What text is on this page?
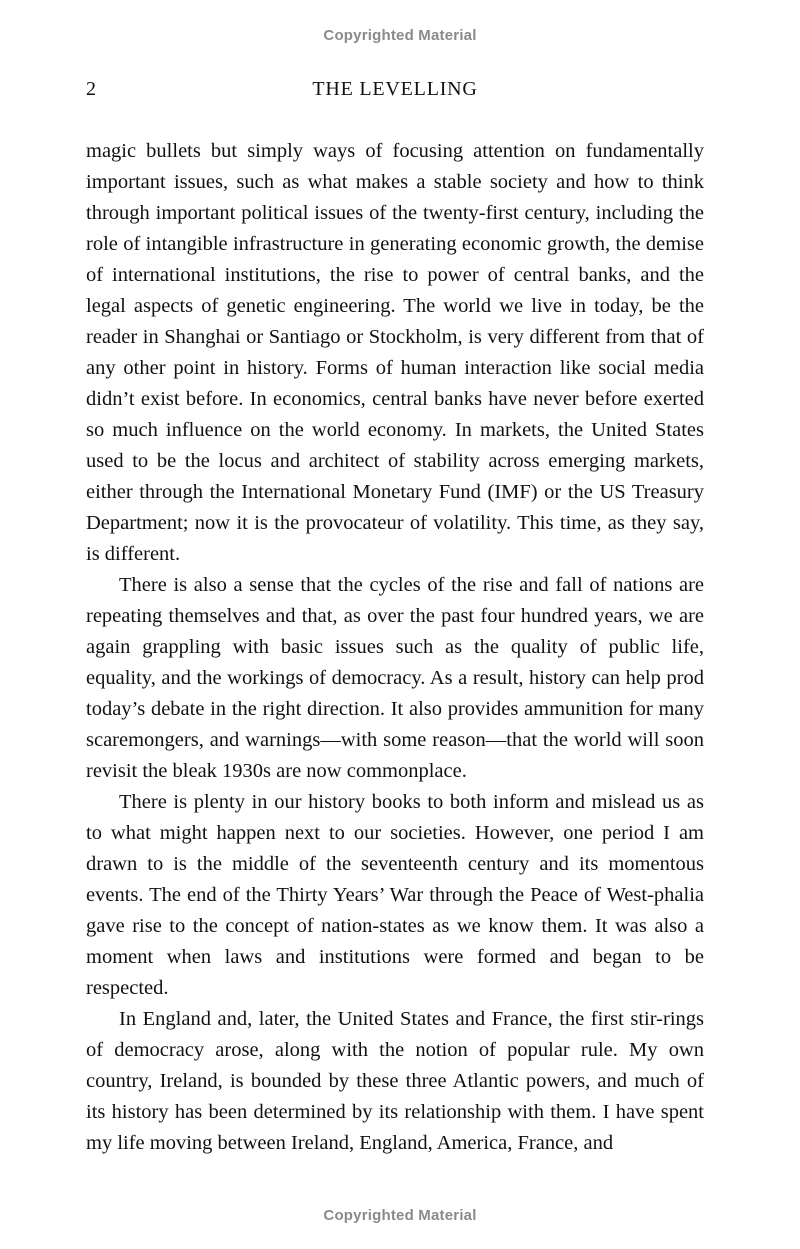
Copyrighted Material
2	THE LEVELLING

magic bullets but simply ways of focusing attention on fundamentally important issues, such as what makes a stable society and how to think through important political issues of the twenty-first century, including the role of intangible infrastructure in generating economic growth, the demise of international institutions, the rise to power of central banks, and the legal aspects of genetic engineering. The world we live in today, be the reader in Shanghai or Santiago or Stockholm, is very different from that of any other point in history. Forms of human interaction like social media didn’t exist before. In economics, central banks have never before exerted so much influence on the world economy. In markets, the United States used to be the locus and architect of stability across emerging markets, either through the International Monetary Fund (IMF) or the US Treasury Department; now it is the provocateur of volatility. This time, as they say, is different.

There is also a sense that the cycles of the rise and fall of nations are repeating themselves and that, as over the past four hundred years, we are again grappling with basic issues such as the quality of public life, equality, and the workings of democracy. As a result, history can help prod today’s debate in the right direction. It also provides ammunition for many scaremongers, and warnings—with some reason—that the world will soon revisit the bleak 1930s are now commonplace.

There is plenty in our history books to both inform and mislead us as to what might happen next to our societies. However, one period I am drawn to is the middle of the seventeenth century and its momentous events. The end of the Thirty Years’ War through the Peace of West-phalia gave rise to the concept of nation-states as we know them. It was also a moment when laws and institutions were formed and began to be respected.

In England and, later, the United States and France, the first stir-rings of democracy arose, along with the notion of popular rule. My own country, Ireland, is bounded by these three Atlantic powers, and much of its history has been determined by its relationship with them. I have spent my life moving between Ireland, England, America, France, and

Copyrighted Material
